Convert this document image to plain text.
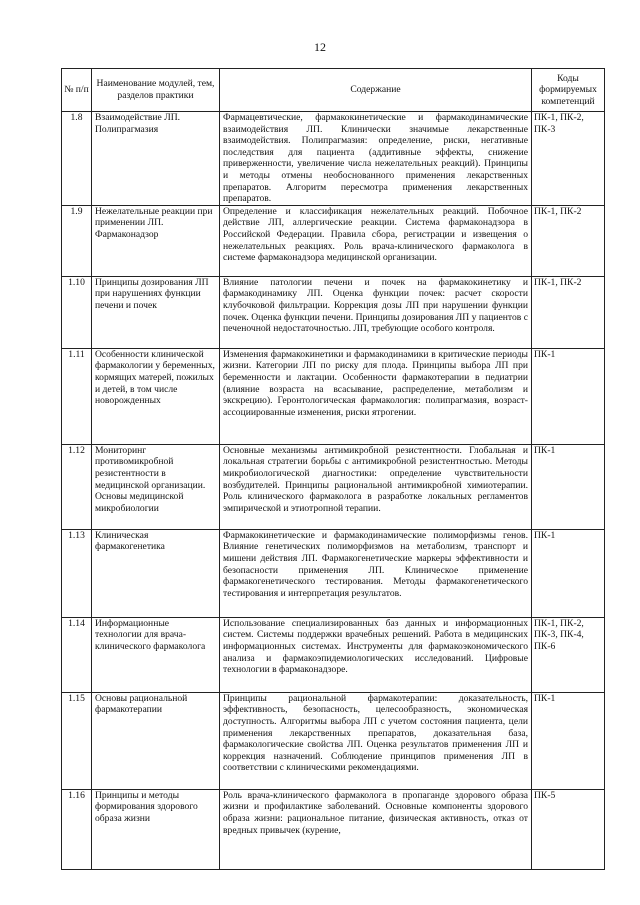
12
№ п/п	Наименование модулей, тем, разделов практики	Содержание	Коды формируемых компетенций
1.8	Взаимодействие ЛП. Полипрагмазия	Фармацевтические, фармакокинетические и фармакодинамические взаимодействия ЛП. Клинически значимые лекарственные взаимодействия. Полипрагмазия: определение, риски, негативные последствия для пациента (аддитивные эффекты, снижение приверженности, увеличение числа нежелательных реакций). Принципы и методы отмены необоснованного применения лекарственных препаратов. Алгоритм пересмотра применения лекарственных препаратов.	ПК-1, ПК-2, ПК-3
1.9	Нежелательные реакции при применении ЛП. Фармаконадзор	Определение и классификация нежелательных реакций. Побочное действие ЛП, аллергические реакции. Система фармаконадзора в Российской Федерации. Правила сбора, регистрации и извещения о нежелательных реакциях. Роль врача-клинического фармаколога в системе фармаконадзора медицинской организации.	ПК-1, ПК-2
1.10	Принципы дозирования ЛП при нарушениях функции печени и почек	Влияние патологии печени и почек на фармакокинетику и фармакодинамику ЛП. Оценка функции почек: расчет скорости клубочковой фильтрации. Коррекция дозы ЛП при нарушении функции почек. Оценка функции печени. Принципы дозирования ЛП у пациентов с печеночной недостаточностью. ЛП, требующие особого контроля.	ПК-1, ПК-2
1.11	Особенности клинической фармакологии у беременных, кормящих матерей, пожилых и детей, в том числе новорожденных	Изменения фармакокинетики и фармакодинамики в критические периоды жизни. Категории ЛП по риску для плода. Принципы выбора ЛП при беременности и лактации. Особенности фармакотерапии в педиатрии (влияние возраста на всасывание, распределение, метаболизм и экскрецию). Геронтологическая фармакология: полипрагмазия, возраст-ассоциированные изменения, риски ятрогении.	ПК-1
1.12	Мониторинг противомикробной резистентности в медицинской организации. Основы медицинской микробиологии	Основные механизмы антимикробной резистентности. Глобальная и локальная стратегии борьбы с антимикробной резистентностью. Методы микробиологической диагностики: определение чувствительности возбудителей. Принципы рациональной антимикробной химиотерапии. Роль клинического фармаколога в разработке локальных регламентов эмпирической и этиотропной терапии.	ПК-1
1.13	Клиническая фармакогенетика	Фармакокинетические и фармакодинамические полиморфизмы генов. Влияние генетических полиморфизмов на метаболизм, транспорт и мишени действия ЛП. Фармакогенетические маркеры эффективности и безопасности применения ЛП. Клиническое применение фармакогенетического тестирования. Методы фармакогенетического тестирования и интерпретация результатов.	ПК-1
1.14	Информационные технологии для врача-клинического фармаколога	Использование специализированных баз данных и информационных систем. Системы поддержки врачебных решений. Работа в медицинских информационных системах. Инструменты для фармакоэкономического анализа и фармакоэпидемиологических исследований. Цифровые технологии в фармаконадзоре.	ПК-1, ПК-2, ПК-3, ПК-4, ПК-6
1.15	Основы рациональной фармакотерапии	Принципы рациональной фармакотерапии: доказательность, эффективность, безопасность, целесообразность, экономическая доступность. Алгоритмы выбора ЛП с учетом состояния пациента, цели применения лекарственных препаратов, доказательная база, фармакологические свойства ЛП. Оценка результатов применения ЛП и коррекция назначений. Соблюдение принципов применения ЛП в соответствии с клиническими рекомендациями.	ПК-1
1.16	Принципы и методы формирования здорового образа жизни	Роль врача-клинического фармаколога в пропаганде здорового образа жизни и профилактике заболеваний. Основные компоненты здорового образа жизни: рациональное питание, физическая активность, отказ от вредных привычек (курение,	ПК-5
